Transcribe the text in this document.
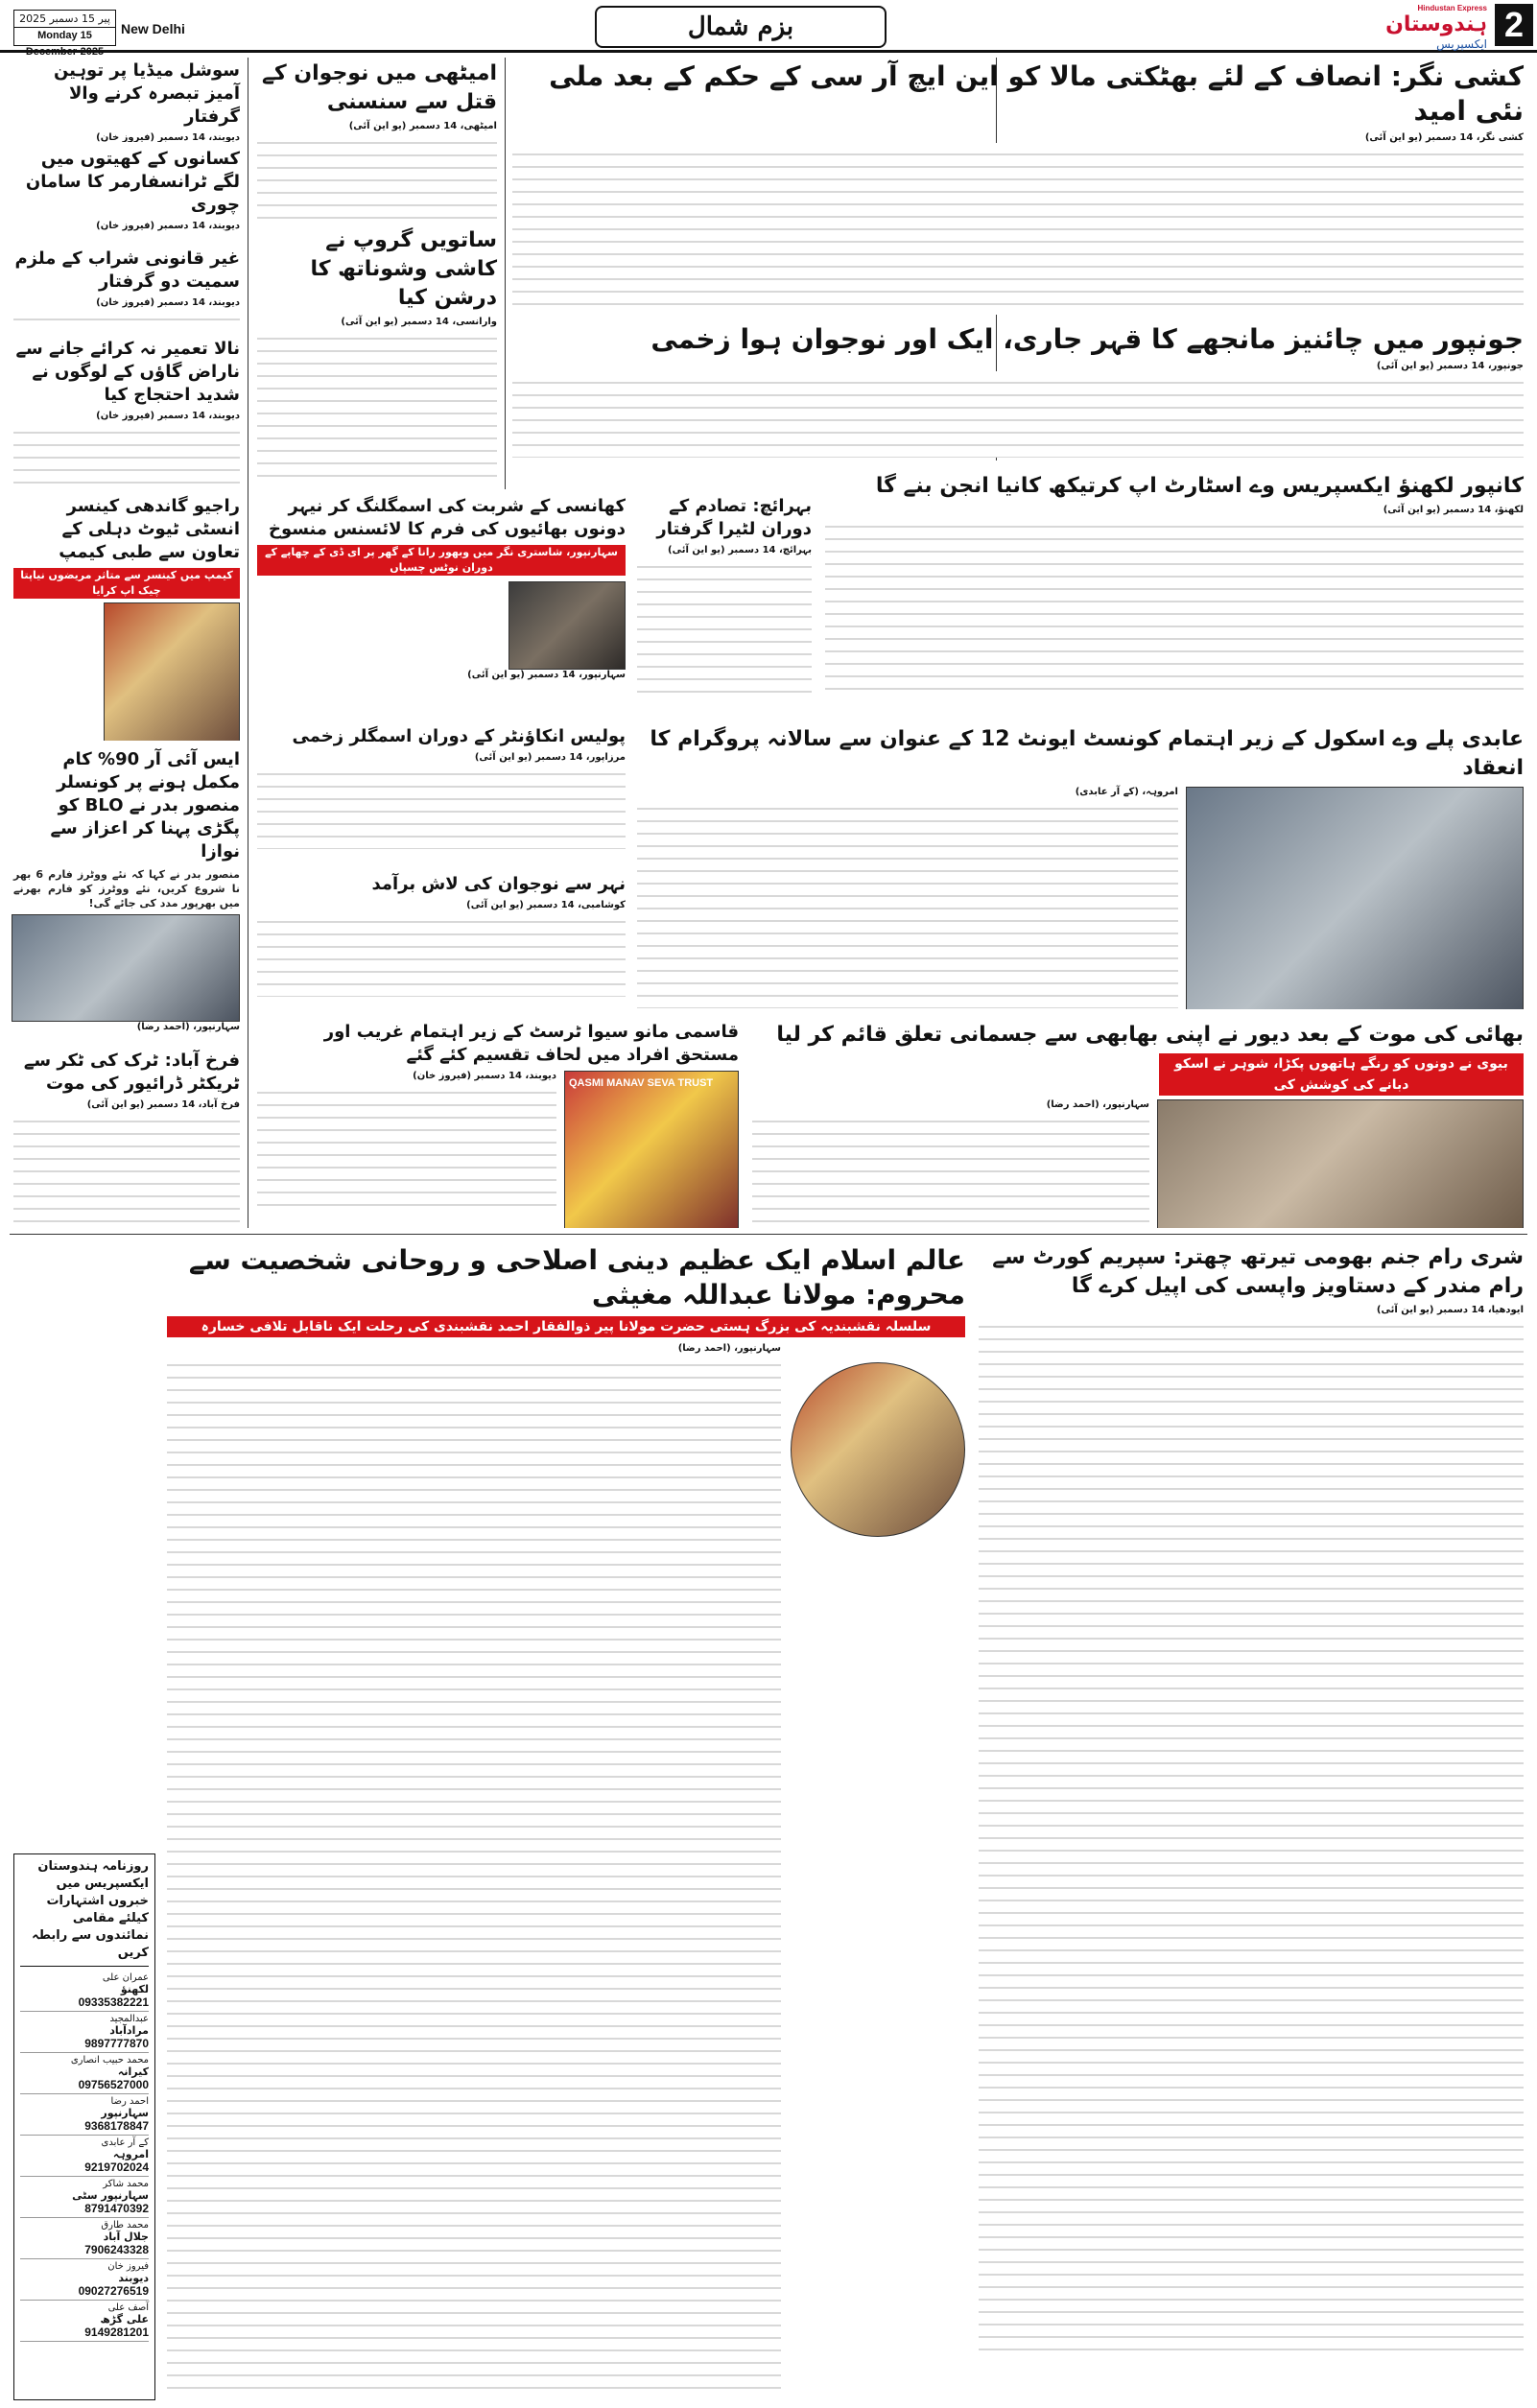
پیر 15 دسمبر 2025
Monday 15 December-2025
New Delhi	بزم شمال
Hindustan Express
ہندوستان
ایکسپریس 2
کشی نگر: انصاف کے لئے بھٹکتی مالا کو این ایچ آر سی کے حکم کے بعد ملی نئی امید
کشی نگر، 14 دسمبر (یو این آئی)
امیٹھی میں نوجوان کے قتل سے سنسنی
امیٹھی، 14 دسمبر (یو این آئی)
ساتویں گروپ نے کاشی وشوناتھ کا درشن کیا
وارانسی، 14 دسمبر (یو این آئی)
جونپور میں چائنیز مانجھے کا قہر جاری، ایک اور نوجوان ہوا زخمی
جونپور، 14 دسمبر (یو این آئی)
سوشل میڈیا پر توہین آمیز تبصرہ کرنے والا گرفتار
دیوبند، 14 دسمبر (فیروز خان)
کسانوں کے کھیتوں میں لگے ٹرانسفارمر کا سامان چوری
دیوبند، 14 دسمبر (فیروز خان)
غیر قانونی شراب کے ملزم سمیت دو گرفتار
دیوبند، 14 دسمبر (فیروز خان)
نالا تعمیر نہ کرائے جانے سے ناراض گاؤں کے لوگوں نے شدید احتجاج کیا
دیوبند، 14 دسمبر (فیروز خان)
راجیو گاندھی کینسر انسٹی ٹیوٹ دہلی کے تعاون سے طبی کیمپ
کیمپ میں کینسر سے متاثر مریضوں نیاپتا چیک اپ کرایا
ایس آئی آر 90% کام مکمل ہونے پر کونسلر منصور بدر نے BLO کو پگڑی پہنا کر اعزاز سے نوازا
منصور بدر نے کہا کہ نئے ووٹرز فارم 6 بھر نا شروع کریں، نئے ووٹرز کو فارم بھرنے میں بھرپور مدد کی جائے گی!
سہارنپور، (احمد رضا)
فرخ آباد: ٹرک کی ٹکر سے ٹریکٹر ڈرائیور کی موت
فرخ آباد، 14 دسمبر (یو این آئی)
کھانسی کے شربت کی اسمگلنگ کر نیہر دونوں بھائیوں کی فرم کا لائسنس منسوخ
سہارنپور، شاستری نگر میں وبھور رانا کے گھر پر ای ڈی کے چھاپے کے دوران نوٹس چسپاں
سہارنپور، 14 دسمبر (یو این آئی)
بہرائچ: تصادم کے دوران لٹیرا گرفتار
بہرائچ، 14 دسمبر (یو این آئی)
کانپور لکھنؤ ایکسپریس وے اسٹارٹ اپ کرتیکھ کانیا انجن بنے گا
لکھنؤ، 14 دسمبر (یو این آئی)
عابدی پلے وے اسکول کے زیر اہتمام کونسٹ ایونٹ 12 کے عنوان سے سالانہ پروگرام کا انعقاد
امروہہ، (کے آر عابدی)
پولیس انکاؤنٹر کے دوران اسمگلر زخمی
مرزاپور، 14 دسمبر (یو این آئی)
نہر سے نوجوان کی لاش برآمد
کوشامبی، 14 دسمبر (یو این آئی)
قاسمی مانو سیوا ٹرسٹ کے زیر اہتمام غریب اور مستحق افراد میں لحاف تقسیم کئے گئے
دیوبند، 14 دسمبر (فیروز خان)
QASMI MANAV SEVA TRUST
بھائی کی موت کے بعد دیور نے اپنی بھابھی سے جسمانی تعلق قائم کر لیا
بیوی نے دونوں کو رنگے ہاتھوں پکڑا، شوہر نے اسکو دبانے کی کوشش کی
سہارنپور، (احمد رضا)
عالم اسلام ایک عظیم دینی اصلاحی و روحانی شخصیت سے محروم: مولانا عبداللہ مغیثی
سلسلہ نقشبندیہ کی بزرگ ہستی حضرت مولانا پیر ذوالفقار احمد نقشبندی کی رحلت ایک ناقابل تلافی خسارہ
سہارنپور، (احمد رضا)
شری رام جنم بھومی تیرتھ چھتر: سپریم کورٹ سے رام مندر کے دستاویز واپسی کی اپیل کرے گا
ایودھیا، 14 دسمبر (یو این آئی)
روزنامہ ہندوستان ایکسپریس میں خبروں اشتہارات کیلئے مقامی نمائندوں سے رابطہ کریں
عمران علی
لکھنؤ
09335382221
عبدالمجید
مرادآباد
9897777870
محمد حبیب انصاری
کیرانہ
09756527000
احمد رضا
سہارنپور
9368178847
کے آر عابدی
امروہہ
9219702024
محمد شاکر
سہارنپور سٹی
8791470392
محمد طارق
جلال آباد
7906243328
فیروز خان
دیوبند
09027276519
آصف علی
علی گڑھ
9149281201
